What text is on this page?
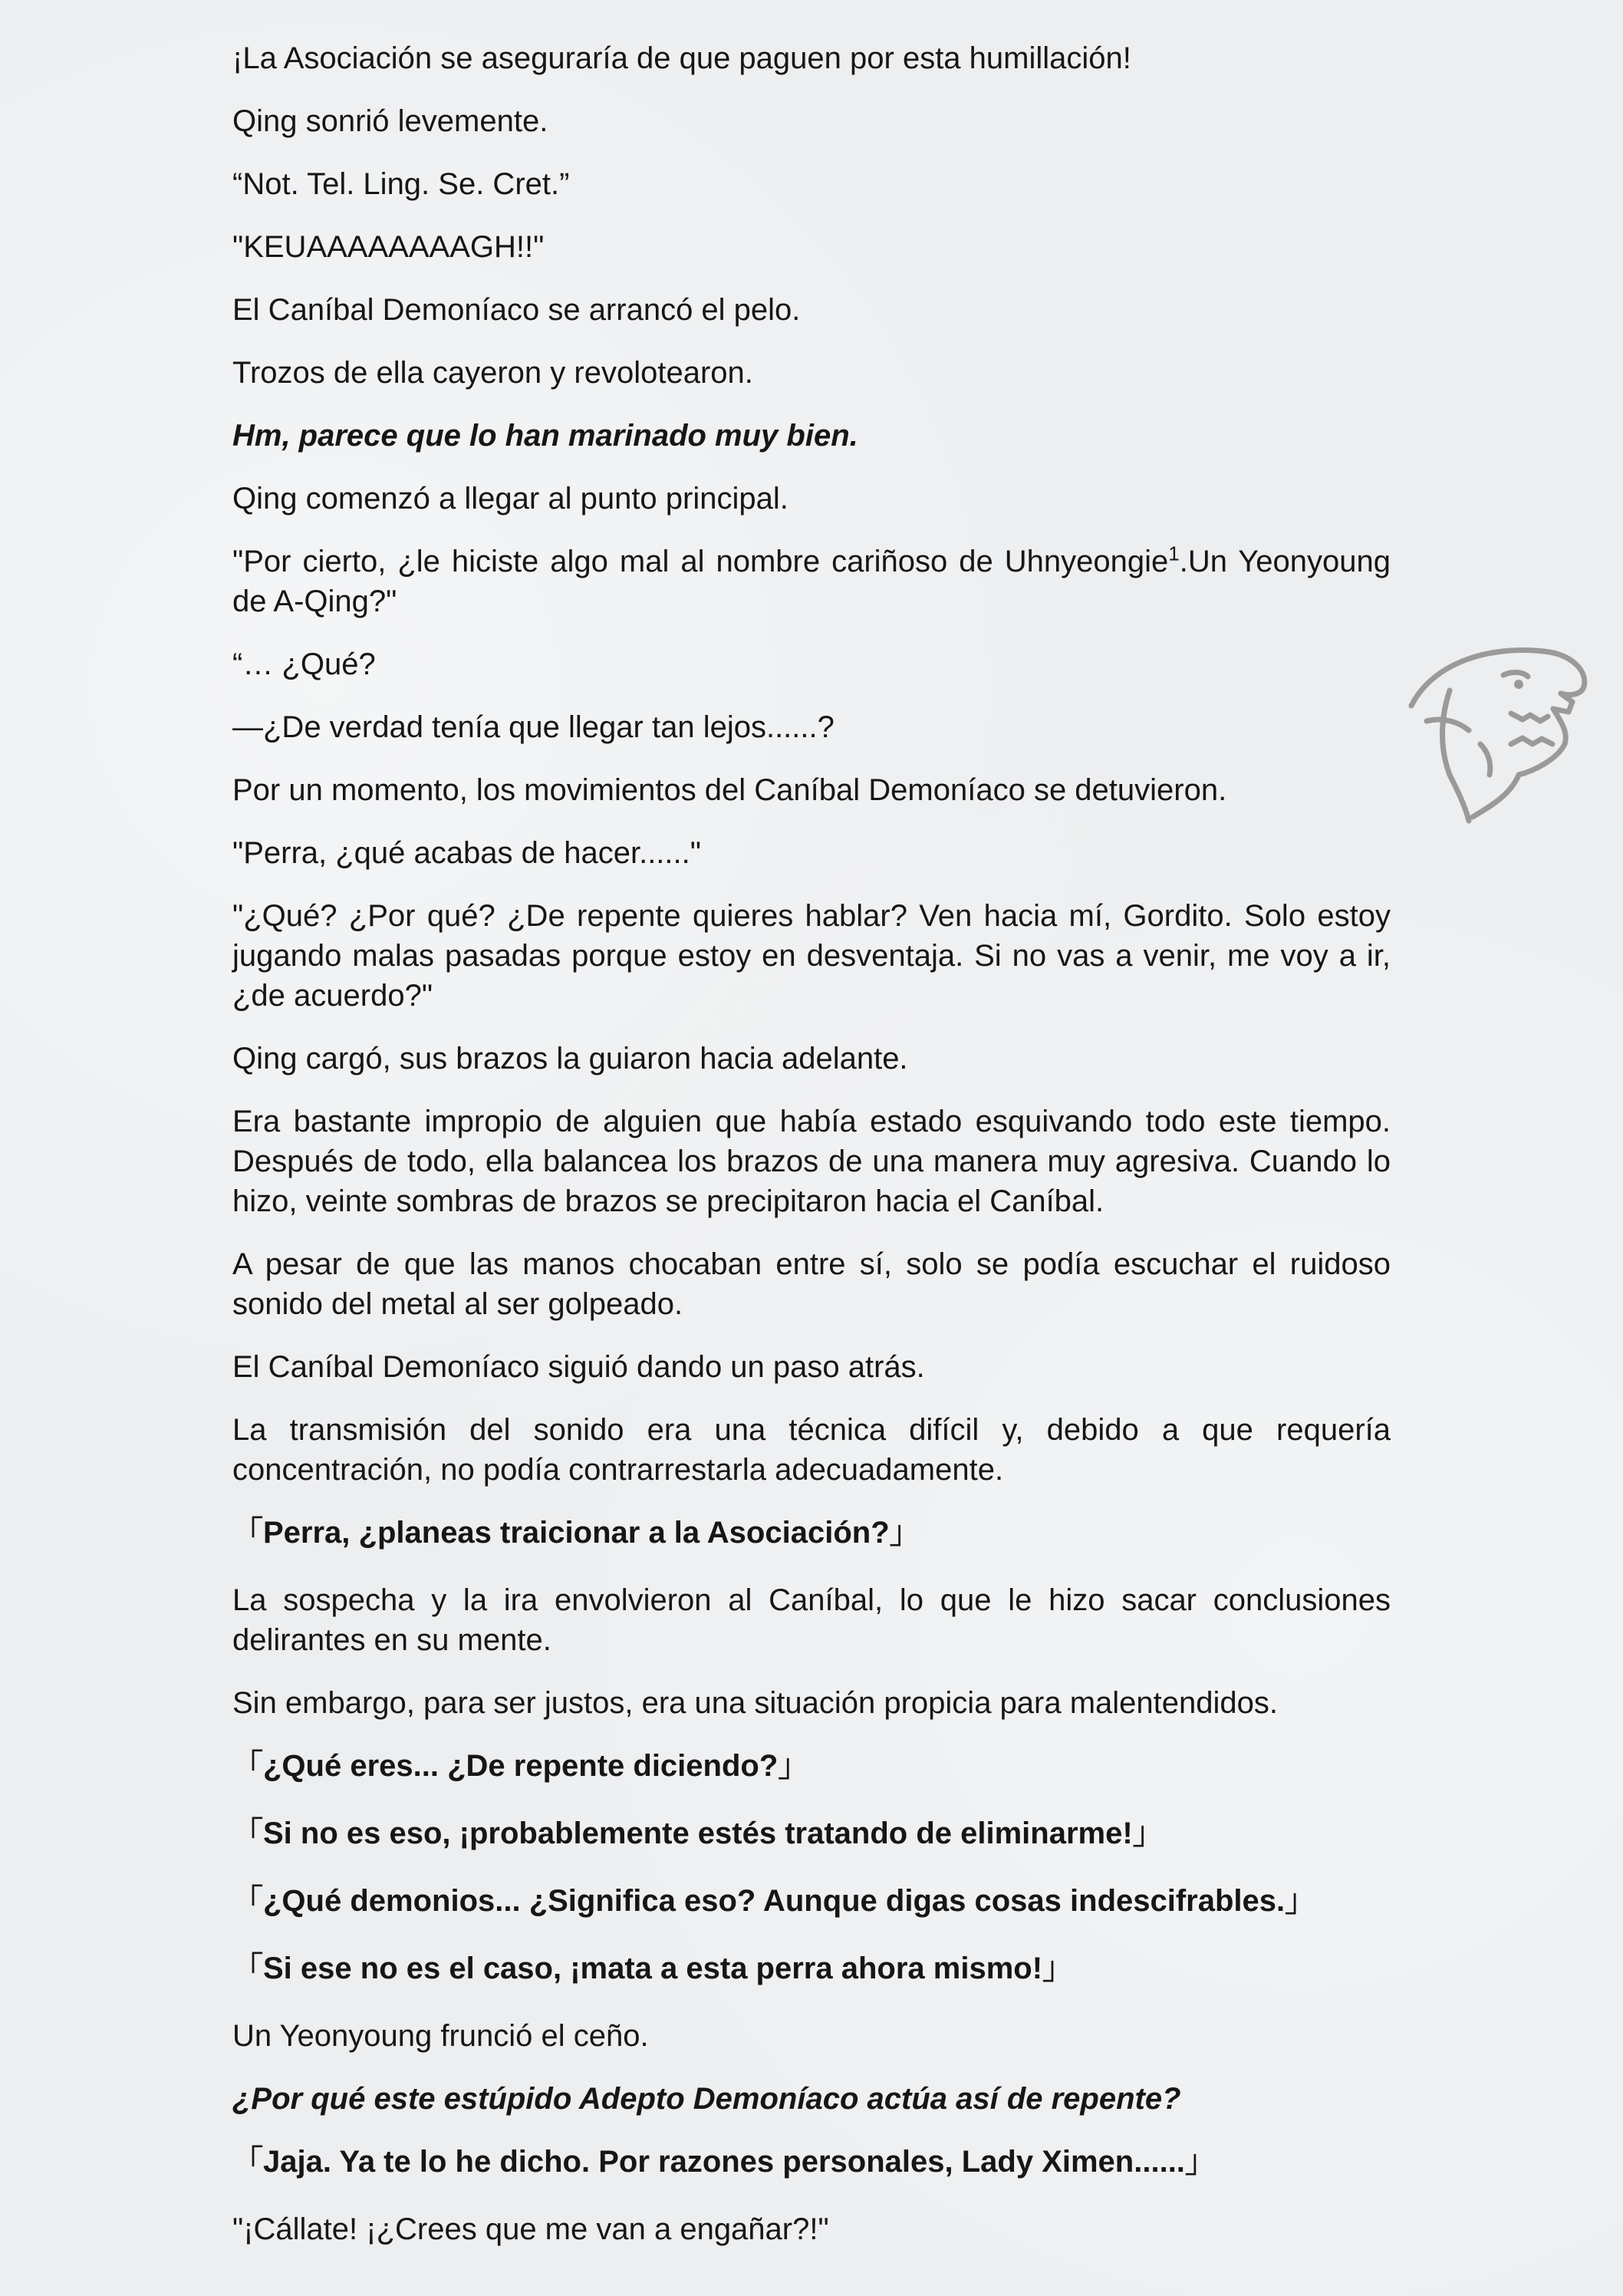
¡La Asociación se aseguraría de que paguen por esta humillación!

Qing sonrió levemente.

“Not. Tel. Ling. Se. Cret.”

"KEUAAAAAAAAGH!!"

El Caníbal Demoníaco se arrancó el pelo.

Trozos de ella cayeron y revolotearon.

Hm, parece que lo han marinado muy bien.

Qing comenzó a llegar al punto principal.

"Por cierto, ¿le hiciste algo mal al nombre cariñoso de Uhnyeongie$^1$.Un Yeonyoung de A-Qing?"

“… ¿Qué?

—¿De verdad tenía que llegar tan lejos......?

Por un momento, los movimientos del Caníbal Demoníaco se detuvieron.

"Perra, ¿qué acabas de hacer......"

"¿Qué? ¿Por qué? ¿De repente quieres hablar? Ven hacia mí, Gordito. Solo estoy jugando malas pasadas porque estoy en desventaja. Si no vas a venir, me voy a ir, ¿de acuerdo?"

Qing cargó, sus brazos la guiaron hacia adelante.

Era bastante impropio de alguien que había estado esquivando todo este tiempo. Después de todo, ella balancea los brazos de una manera muy agresiva. Cuando lo hizo, veinte sombras de brazos se precipitaron hacia el Caníbal.

A pesar de que las manos chocaban entre sí, solo se podía escuchar el ruidoso sonido del metal al ser golpeado.

El Caníbal Demoníaco siguió dando un paso atrás.

La transmisión del sonido era una técnica difícil y, debido a que requería concentración, no podía contrarrestarla adecuadamente.

「Perra, ¿planeas traicionar a la Asociación?」

La sospecha y la ira envolvieron al Caníbal, lo que le hizo sacar conclusiones delirantes en su mente.

Sin embargo, para ser justos, era una situación propicia para malentendidos.

「¿Qué eres... ¿De repente diciendo?」

「Si no es eso, ¡probablemente estés tratando de eliminarme!」

「¿Qué demonios... ¿Significa eso? Aunque digas cosas indescifrables.」

「Si ese no es el caso, ¡mata a esta perra ahora mismo!」

Un Yeonyoung frunció el ceño.

¿Por qué este estúpido Adepto Demoníaco actúa así de repente?

「Jaja. Ya te lo he dicho. Por razones personales, Lady Ximen......」

"¡Cállate! ¡¿Crees que me van a engañar?!"
